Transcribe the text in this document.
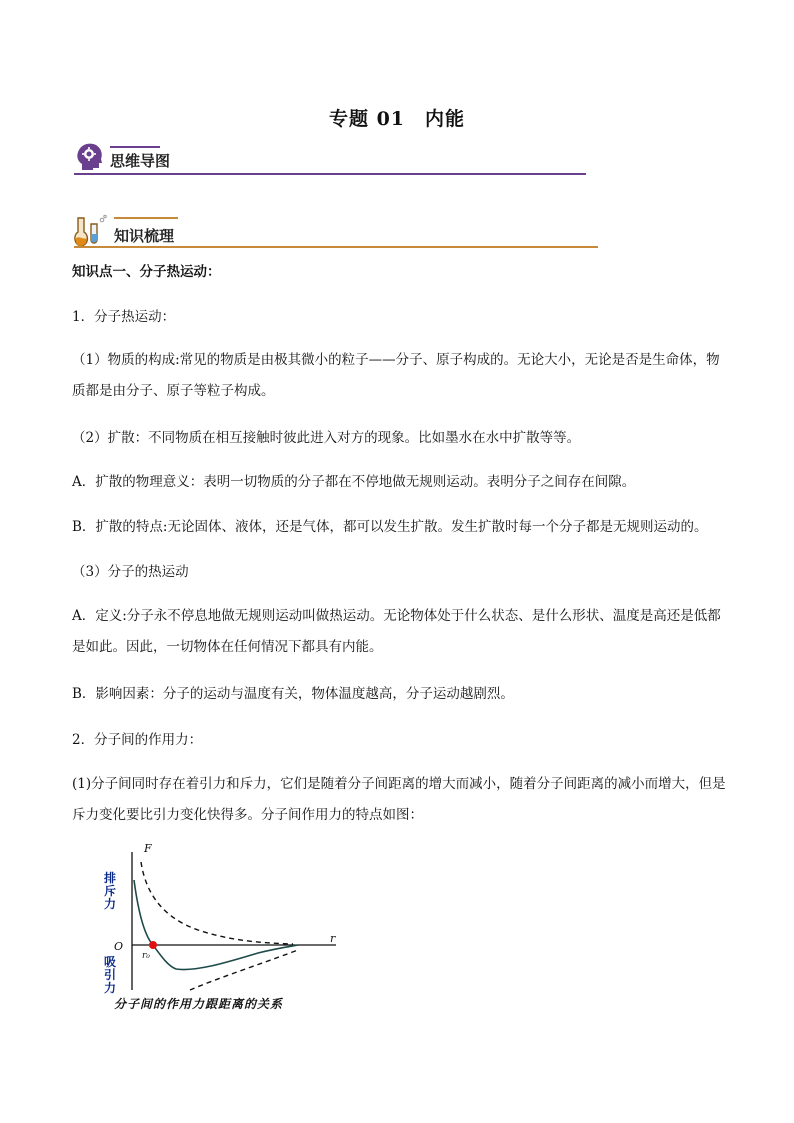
专题 01　内能
思维导图
知识梳理
知识点一、分子热运动：
1．分子热运动：
（1）物质的构成:常见的物质是由极其微小的粒子——分子、原子构成的。无论大小，无论是否是生命体，物质都是由分子、原子等粒子构成。
（2）扩散：不同物质在相互接触时彼此进入对方的现象。比如墨水在水中扩散等等。
A．扩散的物理意义：表明一切物质的分子都在不停地做无规则运动。表明分子之间存在间隙。
B．扩散的特点:无论固体、液体，还是气体，都可以发生扩散。发生扩散时每一个分子都是无规则运动的。
（3）分子的热运动
A．定义:分子永不停息地做无规则运动叫做热运动。无论物体处于什么状态、是什么形状、温度是高还是低都是如此。因此，一切物体在任何情况下都具有内能。
B．影响因素：分子的运动与温度有关，物体温度越高，分子运动越剧烈。
2．分子间的作用力：
(1)分子间同时存在着引力和斥力，它们是随着分子间距离的增大而减小，随着分子间距离的减小而增大，但是斥力变化要比引力变化快得多。分子间作用力的特点如图：
F
r
O
r₀
排
斥
力
吸
引
力
分子间的作用力跟距离的关系
